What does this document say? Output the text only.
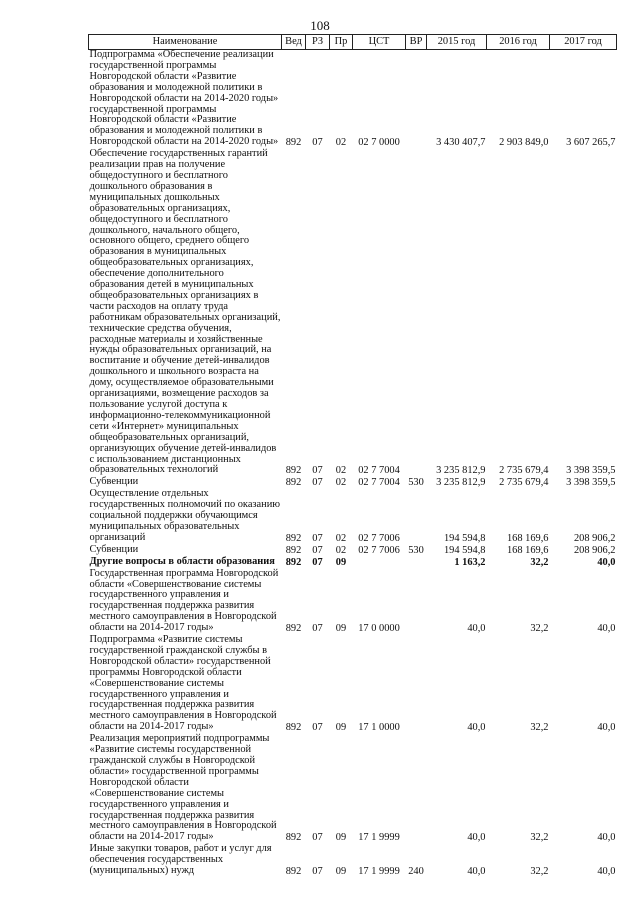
108
Наименование	Вед	РЗ	Пр	ЦСТ	ВР	2015 год	2016 год	2017 год
Подпрограмма «Обеспечение реализации государственной программы Новгородской области «Развитие образования и молодежной политики в Новгородской области на 2014-2020 годы» государственной программы Новгородской области «Развитие образования и молодежной политики в Новгородской области на 2014-2020 годы»	892	07	02	02 7 0000		3 430 407,7	2 903 849,0	3 607 265,7
Обеспечение государственных гарантий реализации прав на получение общедоступного и бесплатного дошкольного образования в муниципальных дошкольных образовательных организациях, общедоступного и бесплатного дошкольного, начального общего, основного общего, среднего общего образования в муниципальных общеобразовательных организациях, обеспечение дополнительного образования детей в муниципальных общеобразовательных организациях в части расходов на оплату труда работникам образовательных организаций, технические средства обучения, расходные материалы и хозяйственные нужды образовательных организаций, на воспитание и обучение детей-инвалидов дошкольного и школьного возраста на дому, осуществляемое образовательными организациями, возмещение расходов за пользование услугой доступа к информационно-телекоммуникационной сети «Интернет» муниципальных общеобразовательных организаций, организующих обучение детей-инвалидов с использованием дистанционных образовательных технологий	892	07	02	02 7 7004		3 235 812,9	2 735 679,4	3 398 359,5
Субвенции	892	07	02	02 7 7004	530	3 235 812,9	2 735 679,4	3 398 359,5
Осуществление отдельных государственных полномочий по оказанию социальной поддержки обучающимся муниципальных образовательных организаций	892	07	02	02 7 7006		194 594,8	168 169,6	208 906,2
Субвенции	892	07	02	02 7 7006	530	194 594,8	168 169,6	208 906,2
Другие вопросы в области образования	892	07	09			1 163,2	32,2	40,0
Государственная программа Новгородской области «Совершенствование системы государственного управления и государственная поддержка развития местного самоуправления в Новгородской области на 2014-2017 годы»	892	07	09	17 0 0000		40,0	32,2	40,0
Подпрограмма «Развитие системы государственной гражданской службы в Новгородской области» государственной программы Новгородской области «Совершенствование системы государственного управления и государственная поддержка развития местного самоуправления в Новгородской области на 2014-2017 годы»	892	07	09	17 1 0000		40,0	32,2	40,0
Реализация мероприятий подпрограммы «Развитие системы государственной гражданской службы в Новгородской области» государственной программы Новгородской области «Совершенствование системы государственного управления и государственная поддержка развития местного самоуправления в Новгородской области на 2014-2017 годы»	892	07	09	17 1 9999		40,0	32,2	40,0
Иные закупки товаров, работ и услуг для обеспечения государственных (муниципальных) нужд	892	07	09	17 1 9999	240	40,0	32,2	40,0
